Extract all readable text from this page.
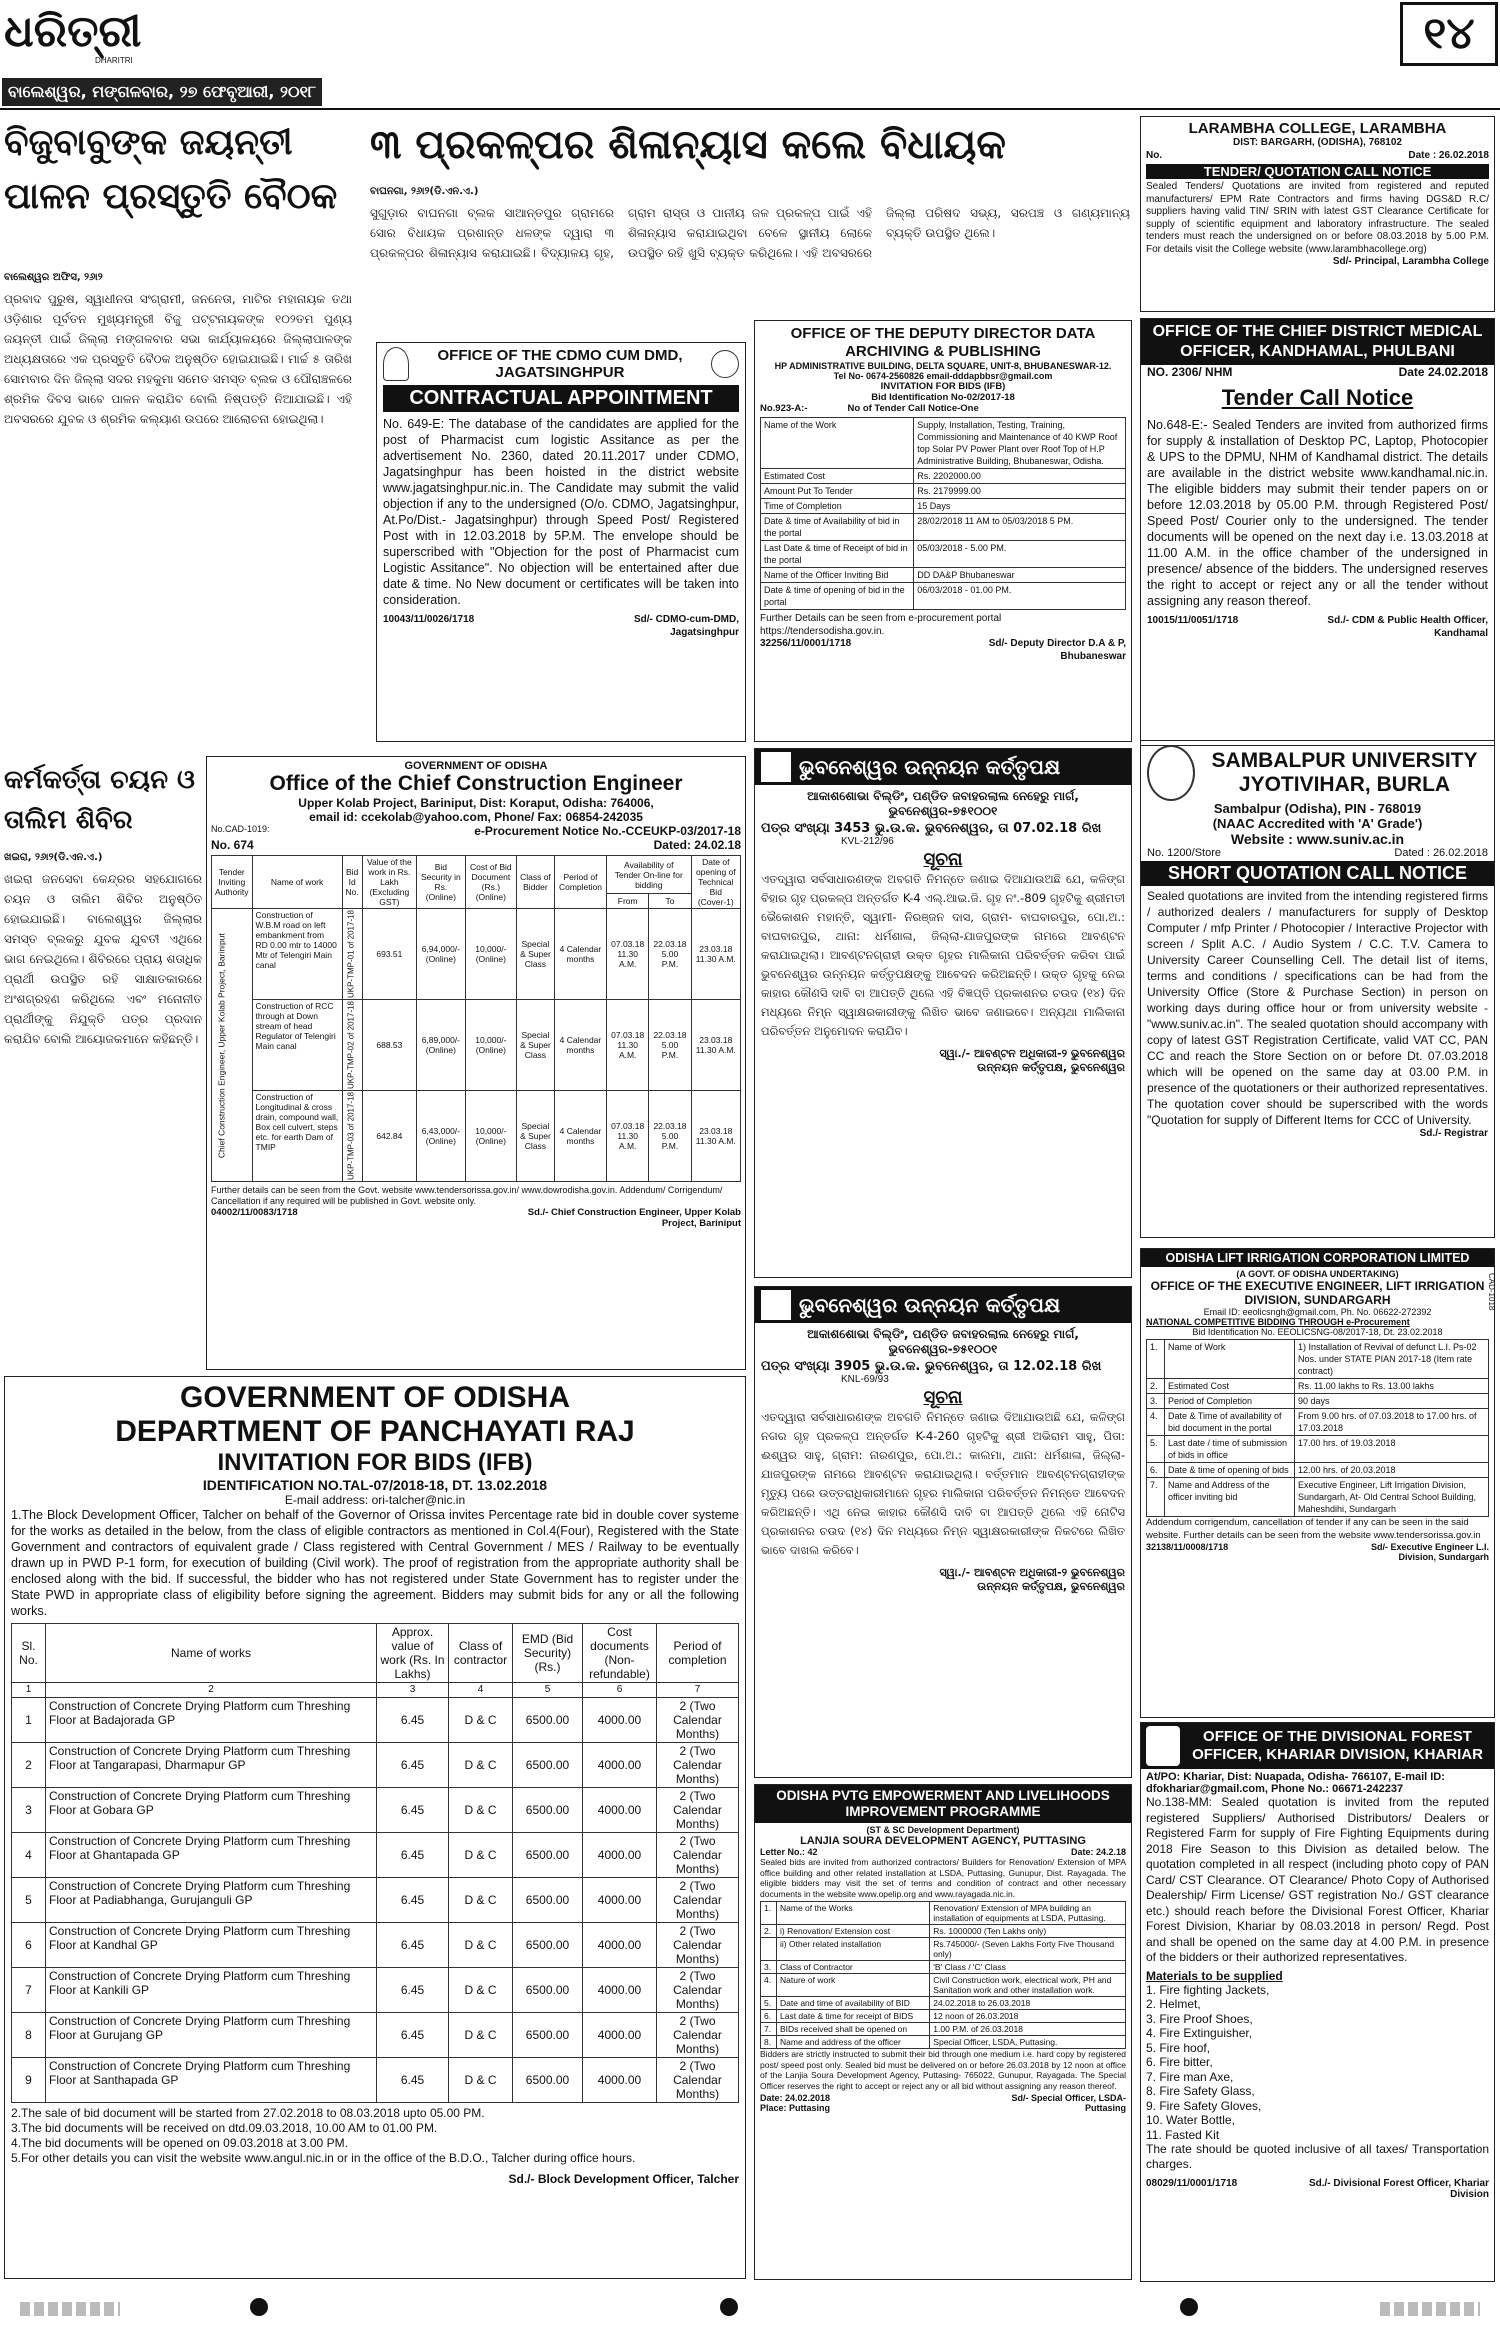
ଧରିତ୍ରୀ
DHARITRI
ବାଲେଶ୍ୱର, ମଙ୍ଗଳବାର, ୨୭ ଫେବୃଆରୀ, ୨୦୧୮
୧୪
ବିଜୁବାବୁଙ୍କ ଜୟନ୍ତୀ ପାଳନ ପ୍ରସ୍ତୁତି ବୈଠକ
ବାଲେଶ୍ୱର ଅଫିସ, ୨୬ା୨
ପ୍ରବାଦ ପୁରୁଷ, ସ୍ୱାଧୀନତା ସଂଗ୍ରାମୀ, ଜନନେତା, ମାଟିର ମହାନାୟକ ତଥା ଓଡ଼ିଶାର ପୂର୍ବତନ ମୁଖ୍ୟମନ୍ତ୍ରୀ ବିଜୁ ପଟ୍ଟନାୟକଙ୍କ ୧୦୨ତମ ପୁଣ୍ୟ ଜୟନ୍ତୀ ପାଇଁ ଜିଲ୍ଲା ମଙ୍ଗଳବାର ସଭା କାର୍ଯ୍ୟାଳୟରେ ଜିଲ୍ଲାପାଳଙ୍କ ଅଧ୍ୟକ୍ଷତାରେ ଏକ ପ୍ରସ୍ତୁତି ବୈଠକ ଅନୁଷ୍ଠିତ ହୋଇଯାଇଛି। ମାର୍ଚ୍ଚ ୫ ତାରିଖ ସୋମବାର ଦିନ ଜିଲ୍ଲା ସଦର ମହକୁମା ସମେତ ସମସ୍ତ ବ୍ଲକ ଓ ପୌରାଞ୍ଚଳରେ ଶ୍ରମିକ ଦିବସ ଭାବେ ପାଳନ କରାଯିବ ବୋଲି ନିଷ୍ପତ୍ତି ନିଆଯାଇଛି। ଏହି ଅବସରରେ ଯୁବକ ଓ ଶ୍ରମିକ କଲ୍ୟାଣ ଉପରେ ଆଲୋଚନା ହୋଇଥିଲା।
୩ ପ୍ରକଳ୍ପର ଶିଳାନ୍ୟାସ କଲେ ବିଧାୟକ
ବାଘନଗା, ୨୬ା୨(ଡି.ଏନ.ଏ.)
ସୁଗୁଡ଼ାର ବାଘନଗା ବ୍ଲକ ସାଆନ୍ତପୁର ଗ୍ରାମରେ ସୋର ବିଧାୟକ ପ୍ରଶାନ୍ତ ଧଳଙ୍କ ଦ୍ୱାରା ୩ ପ୍ରକଳ୍ପର ଶିଳାନ୍ୟାସ କରାଯାଇଛି। ବିଦ୍ୟାଳୟ ଗୃହ, ଗ୍ରାମ ରାସ୍ତା ଓ ପାନୀୟ ଜଳ ପ୍ରକଳ୍ପ ପାଇଁ ଏହି ଶିଳାନ୍ୟାସ କରାଯାଇଥିବା ବେଳେ ସ୍ଥାନୀୟ ଲୋକେ ଉପସ୍ଥିତ ରହି ଖୁସି ବ୍ୟକ୍ତ କରିଥିଲେ। ଏହି ଅବସରରେ ଜିଲ୍ଲା ପରିଷଦ ସଭ୍ୟ, ସରପଞ୍ଚ ଓ ଗଣ୍ୟମାନ୍ୟ ବ୍ୟକ୍ତି ଉପସ୍ଥିତ ଥିଲେ।
LARAMBHA COLLEGE, LARAMBHA
DIST: BARGARH, (ODISHA), 768102
No.	Date : 26.02.2018
TENDER/ QUOTATION CALL NOTICE
Sealed Tenders/ Quotations are invited from registered and reputed manufacturers/ EPM Rate Contractors and firms having DGS&D R.C/ suppliers having valid TIN/ SRIN with latest GST Clearance Certificate for supply of scientific equipment and laboratory infrastructure. The sealed tenders must reach the undersigned on or before 08.03.2018 by 5.00 P.M. For details visit the College website (www.larambhacollege.org)
Sd/- Principal, Larambha College
OFFICE OF THE CDMO CUM DMD, JAGATSINGHPUR
CONTRACTUAL APPOINTMENT
No. 649-E: The database of the candidates are applied for the post of Pharmacist cum logistic Assitance as per the advertisement No. 2360, dated 20.11.2017 under CDMO, Jagatsinghpur has been hoisted in the district website www.jagatsinghpur.nic.in. The Candidate may submit the valid objection if any to the undersigned (O/o. CDMO, Jagatsinghpur, At.Po/Dist.- Jagatsinghpur) through Speed Post/ Registered Post with in 12.03.2018 by 5P.M. The envelope should be superscribed with "Objection for the post of Pharmacist cum Logistic Assitance". No objection will be entertained after due date & time. No New document or certificates will be taken into consideration.
10043/11/0026/1718	Sd/- CDMO-cum-DMD, Jagatsinghpur
OFFICE OF THE DEPUTY DIRECTOR DATA ARCHIVING & PUBLISHING
HP ADMINISTRATIVE BUILDING, DELTA SQUARE, UNIT-8, BHUBANESWAR-12.
Tel No- 0674-2560826 email-dddapbbsr@gmail.com
INVITATION FOR BIDS (IFB)
Bid Identification No-02/2017-18
No.923-A:-	No of Tender Call Notice-One
Name of the Work	Supply, Installation, Testing, Training, Commissioning and Maintenance of 40 KWP Roof top Solar PV Power Plant over Roof Top of H.P Administrative Building, Bhubaneswar, Odisha.
Estimated Cost	Rs. 2202000.00
Amount Put To Tender	Rs. 2179999.00
Time of Completion	15 Days
Date & time of Availability of bid in the portal	28/02/2018 11 AM to 05/03/2018 5 PM.
Last Date & time of Receipt of bid in the portal	05/03/2018 - 5.00 PM.
Name of the Officer Inviting Bid	DD DA&P Bhubaneswar
Date & time of opening of bid in the portal	06/03/2018 - 01.00 PM.
Further Details can be seen from e-procurement portal https://tendersodisha.gov.in.
32256/11/0001/1718	Sd/- Deputy Director D.A & P, Bhubaneswar
OFFICE OF THE CHIEF DISTRICT MEDICAL OFFICER, KANDHAMAL, PHULBANI
NO. 2306/ NHM	Date 24.02.2018
Tender Call Notice
No.648-E:- Sealed Tenders are invited from authorized firms for supply & installation of Desktop PC, Laptop, Photocopier & UPS to the DPMU, NHM of Kandhamal district. The details are available in the district website www.kandhamal.nic.in. The eligible bidders may submit their tender papers on or before 12.03.2018 by 05.00 P.M. through Registered Post/ Speed Post/ Courier only to the undersigned. The tender documents will be opened on the next day i.e. 13.03.2018 at 11.00 A.M. in the office chamber of the undersigned in presence/ absence of the bidders. The undersigned reserves the right to accept or reject any or all the tender without assigning any reason thereof.
10015/11/0051/1718	Sd./- CDM & Public Health Officer, Kandhamal
କର୍ମକର୍ତ୍ତା ଚୟନ ଓ ତାଲିମ ଶିବିର
ଖଇରା, ୨୬ା୨(ଡି.ଏନ.ଏ.)
ଖଇରା ଜନସେବା କେନ୍ଦ୍ରର ସହଯୋଗରେ ଚୟନ ଓ ତାଲିମ ଶିବିର ଅନୁଷ୍ଠିତ ହୋଇଯାଇଛି। ବାଲେଶ୍ୱର ଜିଲ୍ଲାର ସମସ୍ତ ବ୍ଲକରୁ ଯୁବକ ଯୁବତୀ ଏଥିରେ ଭାଗ ନେଇଥିଲେ। ଶିବିରରେ ପ୍ରାୟ ଶତାଧିକ ପ୍ରାର୍ଥୀ ଉପସ୍ଥିତ ରହି ସାକ୍ଷାତକାରରେ ଅଂଶଗ୍ରହଣ କରିଥିଲେ ଏବଂ ମନୋନୀତ ପ୍ରାର୍ଥୀଙ୍କୁ ନିଯୁକ୍ତି ପତ୍ର ପ୍ରଦାନ କରାଯିବ ବୋଲି ଆୟୋଜକମାନେ କହିଛନ୍ତି।
GOVERNMENT OF ODISHA
Office of the Chief Construction Engineer
Upper Kolab Project, Bariniput, Dist: Koraput, Odisha: 764006,
email id: ccekolab@yahoo.com, Phone/ Fax: 06854-242035
No.CAD-1019:	e-Procurement Notice No.-CCEUKP-03/2017-18
No. 674	Dated: 24.02.18
Tender Inviting Authority	Name of work	Bid Id No.	Value of the work in Rs. Lakh (Excluding GST)	Bid Security in Rs. (Online)	Cost of Bid Document (Rs.) (Online)	Class of Bidder	Period of Completion	Availability of Tender On-line for bidding		Date of opening of Technical Bid (Cover-1)
								From	To	
Chief Construction Engineer, Upper Kolab Project, Bariniput	Construction of W.B.M road on left embankment from RD 0.00 mtr to 14000 Mtr of Telengiri Main canal	UKP-TMP-01 of 2017-18	693.51	6,94,000/- (Online)	10,000/- (Online)	Special & Super Class	4 Calendar months	07.03.18 11.30 A.M.	22.03.18 5.00 P.M.	23.03.18 11.30 A.M.
	Construction of RCC through at Down stream of head Regulator of Telengiri Main canal	UKP-TMP-02 of 2017-18	688.53	6,89,000/- (Online)	10,000/- (Online)	Special & Super Class	4 Calendar months	07.03.18 11.30 A.M.	22.03.18 5.00 P.M.	23.03.18 11.30 A.M.
	Construction of Longitudinal & cross drain, compound wall, Box cell culvert, steps etc. for earth Dam of TMIP	UKP-TMP-03 of 2017-18	642.84	6,43,000/- (Online)	10,000/- (Online)	Special & Super Class	4 Calendar months	07.03.18 11.30 A.M.	22.03.18 5.00 P.M.	23.03.18 11.30 A.M.
Further details can be seen from the Govt. website www.tendersorissa.gov.in/ www.dowrodisha.gov.in. Addendum/ Corrigendum/ Cancellation if any required will be published in Govt. website only.
04002/11/0083/1718	Sd./- Chief Construction Engineer, Upper Kolab Project, Bariniput
ଭୁବନେଶ୍ୱର ଉନ୍ନୟନ କର୍ତ୍ତୃପକ୍ଷ
ଆକାଶଶୋଭା ବିଲ୍ଡିଂ, ପଣ୍ଡିତ ଜବାହରଲାଲ ନେହେରୁ ମାର୍ଗ, ଭୁବନେଶ୍ୱର-୭୫୧୦୦୧
ପତ୍ର ସଂଖ୍ୟା 3453 ଭୁ.ଉ.କ. ଭୁବନେଶ୍ୱର, ତା 07.02.18 ରିଖ
KVL-212/96
ସୂଚନା
ଏତଦ୍ୱାରା ସର୍ବସାଧାରଣଙ୍କ ଅବଗତି ନିମନ୍ତେ ଜଣାଇ ଦିଆଯାଉଅଛି ଯେ, କଳିଙ୍ଗ ବିହାର ଗୃହ ପ୍ରକଳ୍ପ ଅନ୍ତର୍ଗତ K-4 ଏଲ୍.ଆଇ.ଜି. ଗୃହ ନଂ.-809 ଗୃହଟିକୁ ଶ୍ରୀମତୀ ଭୈକୋଶନ ମହାନ୍ତି, ସ୍ୱାମୀ- ନିରଞ୍ଜନ ଦାସ, ଗ୍ରାମ- ବାଘବାରପୁର, ପୋ.ଅ.: ବାଘବାରପୁର, ଥାନା: ଧର୍ମଶାଳା, ଜିଲ୍ଲା-ଯାଜପୁରଙ୍କ ନାମରେ ଆବଣ୍ଟନ କରାଯାଇଥିଲା। ଆବଣ୍ଟନଗ୍ରାହୀ ଉକ୍ତ ଗୃହର ମାଲିକାନା ପରିବର୍ତ୍ତନ କରିବା ପାଇଁ ଭୁବନେଶ୍ୱର ଉନ୍ନୟନ କର୍ତ୍ତୃପକ୍ଷଙ୍କୁ ଆବେଦନ କରିଅଛନ୍ତି। ଉକ୍ତ ଗୃହକୁ ନେଇ କାହାର କୌଣସି ଦାବି ବା ଆପତ୍ତି ଥିଲେ ଏହି ବିଜ୍ଞପ୍ତି ପ୍ରକାଶନର ଚଉଦ (୧୪) ଦିନ ମଧ୍ୟରେ ନିମ୍ନ ସ୍ୱାକ୍ଷରକାରୀଙ୍କୁ ଲିଖିତ ଭାବେ ଜଣାଇବେ। ଅନ୍ୟଥା ମାଲିକାନା ପରିବର୍ତ୍ତନ ଅନୁମୋଦନ କରାଯିବ।
ସ୍ୱା./- ଆବଣ୍ଟନ ଅଧିକାରୀ-୨ ଭୁବନେଶ୍ୱର ଉନ୍ନୟନ କର୍ତ୍ତୃପକ୍ଷ, ଭୁବନେଶ୍ୱର
SAMBALPUR UNIVERSITY JYOTIVIHAR, BURLA
Sambalpur (Odisha), PIN - 768019
(NAAC Accredited with 'A' Grade')
Website : www.suniv.ac.in
No. 1200/Store	Dated : 26.02.2018
SHORT QUOTATION CALL NOTICE
Sealed quotations are invited from the intending registered firms / authorized dealers / manufacturers for supply of Desktop Computer / mfp Printer / Photocopier / Interactive Projector with screen / Split A.C. / Audio System / C.C. T.V. Camera to University Career Counselling Cell. The detail list of items, terms and conditions / specifications can be had from the University Office (Store & Purchase Section) in person on working days during office hour or from university website - "www.suniv.ac.in". The sealed quotation should accompany with copy of latest GST Registration Certificate, valid VAT CC, PAN CC and reach the Store Section on or before Dt. 07.03.2018 which will be opened on the same day at 03.00 P.M. in presence of the quotationers or their authorized representatives. The quotation cover should be superscribed with the words "Quotation for supply of Different Items for CCC of University.
Sd./- Registrar
ODISHA LIFT IRRIGATION CORPORATION LIMITED
(A GOVT. OF ODISHA UNDERTAKING)
OFFICE OF THE EXECUTIVE ENGINEER, LIFT IRRIGATION DIVISION, SUNDARGARH
Email ID: eeolicsngh@gmail.com, Ph. No. 06622-272392
NATIONAL COMPETITIVE BIDDING THROUGH e-Procurement
Bid Identification No. EEOLICSNG-08/2017-18, Dt. 23.02.2018
1.	Name of Work	1) Installation of Revival of defunct L.I. Ps-02 Nos. under STATE PIAN 2017-18 (Item rate contract)
2.	Estimated Cost	Rs. 11.00 lakhs to Rs. 13.00 lakhs
3.	Period of Completion	90 days
4.	Date & Time of availability of bid document in the portal	From 9.00 hrs. of 07.03.2018 to 17.00 hrs. of 17.03.2018
5.	Last date / time of submission of bids in office	17.00 hrs. of 19.03.2018
6.	Date & time of opening of bids	12.00 hrs. of 20.03.2018
7.	Name and Address of the officer inviting bid	Executive Engineer, Lift Irrigation Division, Sundargarh, At- Old Central School Building, Maheshdihi, Sundargarh
Addendum corrigendum, cancellation of tender if any can be seen in the said website. Further details can be seen from the website www.tendersorissa.gov.in
32138/11/0008/1718	Sd/- Executive Engineer L.I. Division, Sundargarh
CAD-1018
GOVERNMENT OF ODISHA
DEPARTMENT OF PANCHAYATI RAJ
INVITATION FOR BIDS (IFB)
IDENTIFICATION NO.TAL-07/2018-18, DT. 13.02.2018
E-mail address: ori-talcher@nic.in
1.The Block Development Officer, Talcher on behalf of the Governor of Orissa invites Percentage rate bid in double cover systeme for the works as detailed in the below, from the class of eligible contractors as mentioned in Col.4(Four), Registered with the State Government and contractors of equivalent grade / Class registered with Central Government / MES / Railway to be eventually drawn up in PWD P-1 form, for execution of building (Civil work). The proof of registration from the appropriate authority shall be enclosed along with the bid. If successful, the bidder who has not registered under State Government has to register under the State PWD in appropriate class of eligibility before signing the agreement. Bidders may submit bids for any or all the following works.
Sl. No.	Name of works	Approx. value of work (Rs. In Lakhs)	Class of contractor	EMD (Bid Security) (Rs.)	Cost documents (Non-refundable)	Period of completion
1	2	3	4	5	6	7
1	Construction of Concrete Drying Platform cum Threshing Floor at Badajorada GP	6.45	D & C	6500.00	4000.00	2 (Two Calendar Months)
2	Construction of Concrete Drying Platform cum Threshing Floor at Tangarapasi, Dharmapur GP	6.45	D & C	6500.00	4000.00	2 (Two Calendar Months)
3	Construction of Concrete Drying Platform cum Threshing Floor at Gobara GP	6.45	D & C	6500.00	4000.00	2 (Two Calendar Months)
4	Construction of Concrete Drying Platform cum Threshing Floor at Ghantapada GP	6.45	D & C	6500.00	4000.00	2 (Two Calendar Months)
5	Construction of Concrete Drying Platform cum Threshing Floor at Padiabhanga, Gurujanguli GP	6.45	D & C	6500.00	4000.00	2 (Two Calendar Months)
6	Construction of Concrete Drying Platform cum Threshing Floor at Kandhal GP	6.45	D & C	6500.00	4000.00	2 (Two Calendar Months)
7	Construction of Concrete Drying Platform cum Threshing Floor at Kankili GP	6.45	D & C	6500.00	4000.00	2 (Two Calendar Months)
8	Construction of Concrete Drying Platform cum Threshing Floor at Gurujang GP	6.45	D & C	6500.00	4000.00	2 (Two Calendar Months)
9	Construction of Concrete Drying Platform cum Threshing Floor at Santhapada GP	6.45	D & C	6500.00	4000.00	2 (Two Calendar Months)
2.The sale of bid document will be started from 27.02.2018 to 08.03.2018 upto 05.00 PM.
3.The bid documents will be received on dtd.09.03.2018, 10.00 AM to 01.00 PM.
4.The bid documents will be opened on 09.03.2018 at 3.00 PM.
5.For other details you can visit the website www.angul.nic.in or in the office of the B.D.O., Talcher during office hours.
Sd./- Block Development Officer, Talcher
ଭୁବନେଶ୍ୱର ଉନ୍ନୟନ କର୍ତ୍ତୃପକ୍ଷ
ଆକାଶଶୋଭା ବିଲ୍ଡିଂ, ପଣ୍ଡିତ ଜବାହରଲାଲ ନେହେରୁ ମାର୍ଗ, ଭୁବନେଶ୍ୱର-୭୫୧୦୦୧
ପତ୍ର ସଂଖ୍ୟା 3905 ଭୁ.ଉ.କ. ଭୁବନେଶ୍ୱର, ତା 12.02.18 ରିଖ
KNL-69/93
ସୂଚନା
ଏତଦ୍ୱାରା ସର୍ବସାଧାରଣଙ୍କ ଅବଗତି ନିମନ୍ତେ ଜଣାଇ ଦିଆଯାଉଅଛି ଯେ, କଳିଙ୍ଗ ନଗର ଗୃହ ପ୍ରକଳ୍ପ ଅନ୍ତର୍ଗତ K-4-260 ଗୃହଟିକୁ ଶ୍ରୀ ଅଭିରାମ ସାହୁ, ପିତା: ଈଶ୍ୱର ସାହୁ, ଗ୍ରାମ: ନାରଣପୁର, ପୋ.ଅ.: କାଲମା, ଥାନା: ଧର୍ମଶାଳା, ଜିଲ୍ଲା-ଯାଜପୁରଙ୍କ ନାମରେ ଆବଣ୍ଟନ କରାଯାଇଥିଲା। ବର୍ତ୍ତମାନ ଆବଣ୍ଟନଗ୍ରାହୀଙ୍କ ମୃତ୍ୟୁ ପରେ ଉତ୍ତରାଧିକାରୀମାନେ ଗୃହର ମାଲିକାନା ପରିବର୍ତ୍ତନ ନିମନ୍ତେ ଆବେଦନ କରିଅଛନ୍ତି। ଏଥି ନେଇ କାହାର କୌଣସି ଦାବି ବା ଆପତ୍ତି ଥିଲେ ଏହି ନୋଟିସ ପ୍ରକାଶନର ଚଉଦ (୧୪) ଦିନ ମଧ୍ୟରେ ନିମ୍ନ ସ୍ୱାକ୍ଷରକାରୀଙ୍କ ନିକଟରେ ଲିଖିତ ଭାବେ ଦାଖଲ କରିବେ।
ସ୍ୱା./- ଆବଣ୍ଟନ ଅଧିକାରୀ-୨ ଭୁବନେଶ୍ୱର ଉନ୍ନୟନ କର୍ତ୍ତୃପକ୍ଷ, ଭୁବନେଶ୍ୱର
OFFICE OF THE DIVISIONAL FOREST OFFICER, KHARIAR DIVISION, KHARIAR
At/PO: Khariar, Dist: Nuapada, Odisha- 766107, E-mail ID: dfokhariar@gmail.com, Phone No.: 06671-242237
No.138-MM: Sealed quotation is invited from the reputed registered Suppliers/ Authorised Distributors/ Dealers or Registered Farm for supply of Fire Fighting Equipments during 2018 Fire Season to this Division as detailed below. The quotation completed in all respect (including photo copy of PAN Card/ CST Clearance. OT Clearance/ Photo Copy of Authorised Dealership/ Firm License/ GST registration No./ GST clearance etc.) should reach before the Divisional Forest Officer, Khariar Forest Division, Khariar by 08.03.2018 in person/ Regd. Post and shall be opened on the same day at 4.00 P.M. in presence of the bidders or their authorized representatives.
Materials to be supplied
1. Fire fighting Jackets,
2. Helmet,
3. Fire Proof Shoes,
4. Fire Extinguisher,
5. Fire hoof,
6. Fire bitter,
7. Fire man Axe,
8. Fire Safety Glass,
9. Fire Safety Gloves,
10. Water Bottle,
11. Fasted Kit
The rate should be quoted inclusive of all taxes/ Transportation charges.
08029/11/0001/1718	Sd./- Divisional Forest Officer, Khariar Division
ODISHA PVTG EMPOWERMENT AND LIVELIHOODS IMPROVEMENT PROGRAMME
(ST & SC Development Department)
LANJIA SOURA DEVELOPMENT AGENCY, PUTTASING
Letter No.: 42	Date: 24.2.18
Sealed bids are invited from authorized contractors/ Builders for Renovation/ Extension of MPA office building and other related installation at LSDA, Puttasing, Gunupur, Dist. Rayagada. The eligible bidders may visit the set of terms and condition of contract and other necessary documents in the website www.opelip.org and www.rayagada.nic.in.
1.	Name of the Works	Renovation/ Extension of MPA building an installation of equipments at LSDA, Puttasing.
2.	i) Renovation/ Extension cost	Rs. 1000000 (Ten Lakhs only)
	ii) Other related installation	Rs.745000/- (Seven Lakhs Forty Five Thousand only)
3.	Class of Contractor	'B' Class / 'C' Class
4.	Nature of work	Civil Construction work, electrical work, PH and Sanitation work and other installation work.
5.	Date and time of availability of BID	24.02.2018 to 26.03.2018
6.	Last date & time for receipt of BIDS	12 noon of 26.03.2018
7.	BIDs received shall be opened on	1.00 P.M. of 26.03.2018
8.	Name and address of the officer	Special Officer, LSDA, Puttasing.
Bidders are strictly instructed to submit their bid through one medium i.e. hard copy by registered post/ speed post only. Sealed bid must be delivered on or before 26.03.2018 by 12 noon at office of the Lanjia Soura Development Agency, Puttasing- 765022, Gunupur, Rayagada. The Special Officer reserves the right to accept or reject any or all bid without assigning any reason thereof.
Date: 24.02.2018
Place: Puttasing
Sd/- Special Officer, LSDA- Puttasing
